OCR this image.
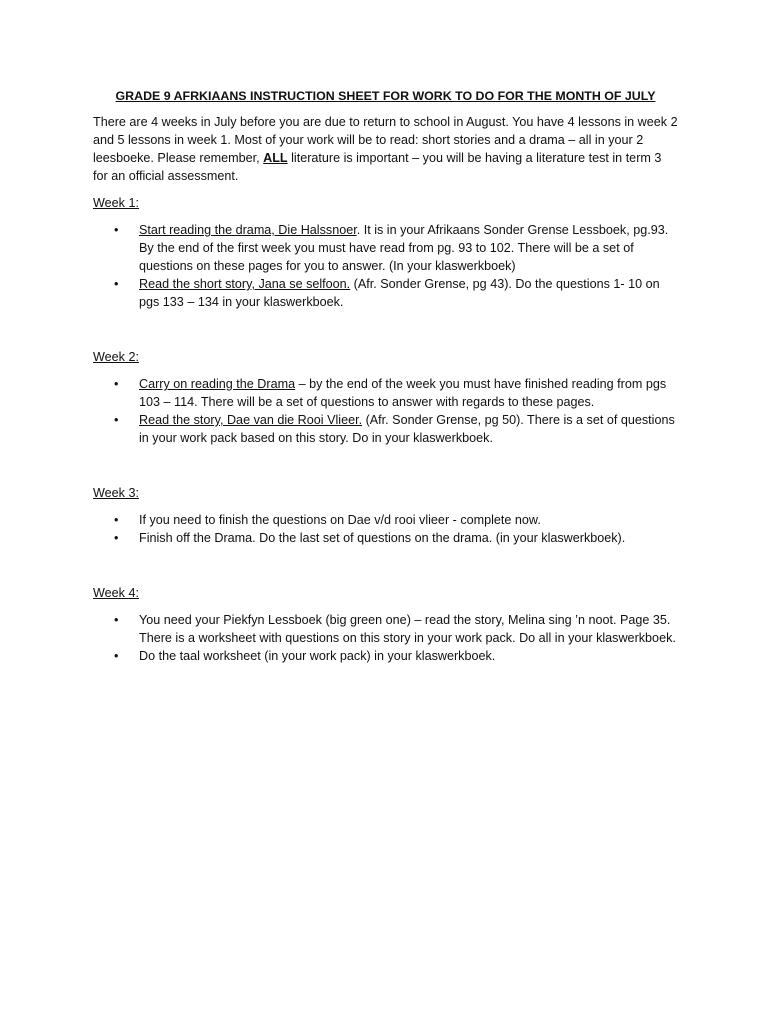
GRADE 9 AFRKIAANS INSTRUCTION SHEET FOR WORK TO DO FOR THE MONTH OF JULY

There are 4 weeks in July before you are due to return to school in August. You have 4 lessons in week 2 and 5 lessons in week 1. Most of your work will be to read: short stories and a drama – all in your 2 leesboeke. Please remember, ALL literature is important – you will be having a literature test in term 3 for an official assessment.

Week 1:

• Start reading the drama, Die Halssnoer. It is in your Afrikaans Sonder Grense Lessboek, pg.93. By the end of the first week you must have read from pg. 93 to 102. There will be a set of questions on these pages for you to answer. (In your klaswerkboek)
• Read the short story, Jana se selfoon. (Afr. Sonder Grense, pg 43). Do the questions 1- 10 on pgs 133 – 134 in your klaswerkboek.

Week 2:

• Carry on reading the Drama – by the end of the week you must have finished reading from pgs 103 – 114. There will be a set of questions to answer with regards to these pages.
• Read the story, Dae van die Rooi Vlieer. (Afr. Sonder Grense, pg 50). There is a set of questions in your work pack based on this story. Do in your klaswerkboek.

Week 3:

• If you need to finish the questions on Dae v/d rooi vlieer - complete now.
• Finish off the Drama. Do the last set of questions on the drama. (in your klaswerkboek).

Week 4:

• You need your Piekfyn Lessboek (big green one) – read the story, Melina sing ’n noot. Page 35. There is a worksheet with questions on this story in your work pack. Do all in your klaswerkboek.
• Do the taal worksheet (in your work pack) in your klaswerkboek.
